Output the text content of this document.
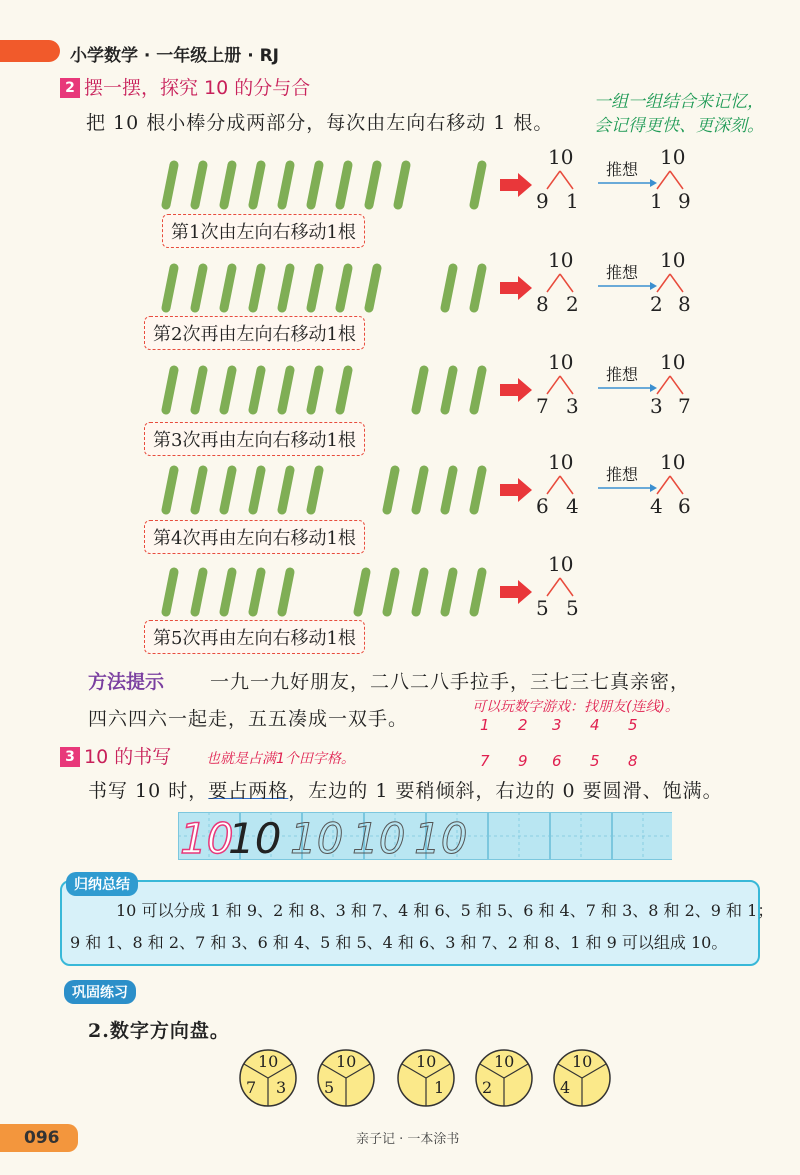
小学数学 · 一年级上册 · RJ
2 摆一摆，探究 10 的分与合
把 10 根小棒分成两部分，每次由左向右移动 1 根。
一组一组结合来记忆，
会记得更快、更深刻。
第1次由左向右移动1根
第2次再由左向右移动1根
第3次再由左向右移动1根
第4次再由左向右移动1根
第5次再由左向右移动1根
10
9 1
10
1 9
推想
10
8 2
10
2 8
推想
10
7 3
10
3 7
推想
10
6 4
10
4 6
推想
10
5 5
方法提示 一九一九好朋友，二八二八手拉手，三七三七真亲密，
四六四六一起走，五五凑成一双手。
可以玩数字游戏：找朋友(连线)。
1 2 3 4 5
7 9 6 5 8
3 10 的书写 也就是占满1个田字格。
书写 10 时，要占两格，左边的 1 要稍倾斜，右边的 0 要圆滑、饱满。
10
10 10 10 10
归纳总结
10 可以分成 1 和 9、2 和 8、3 和 7、4 和 6、5 和 5、6 和 4、7 和 3、8 和 2、9 和 1；
9 和 1、8 和 2、7 和 3、6 和 4、5 和 5、4 和 6、3 和 7、2 和 8、1 和 9 可以组成 10。
巩固练习
2.数字方向盘。
10
7 3
10
5
10
1
10
2
10
4
096	亲子记 · 一本涂书
